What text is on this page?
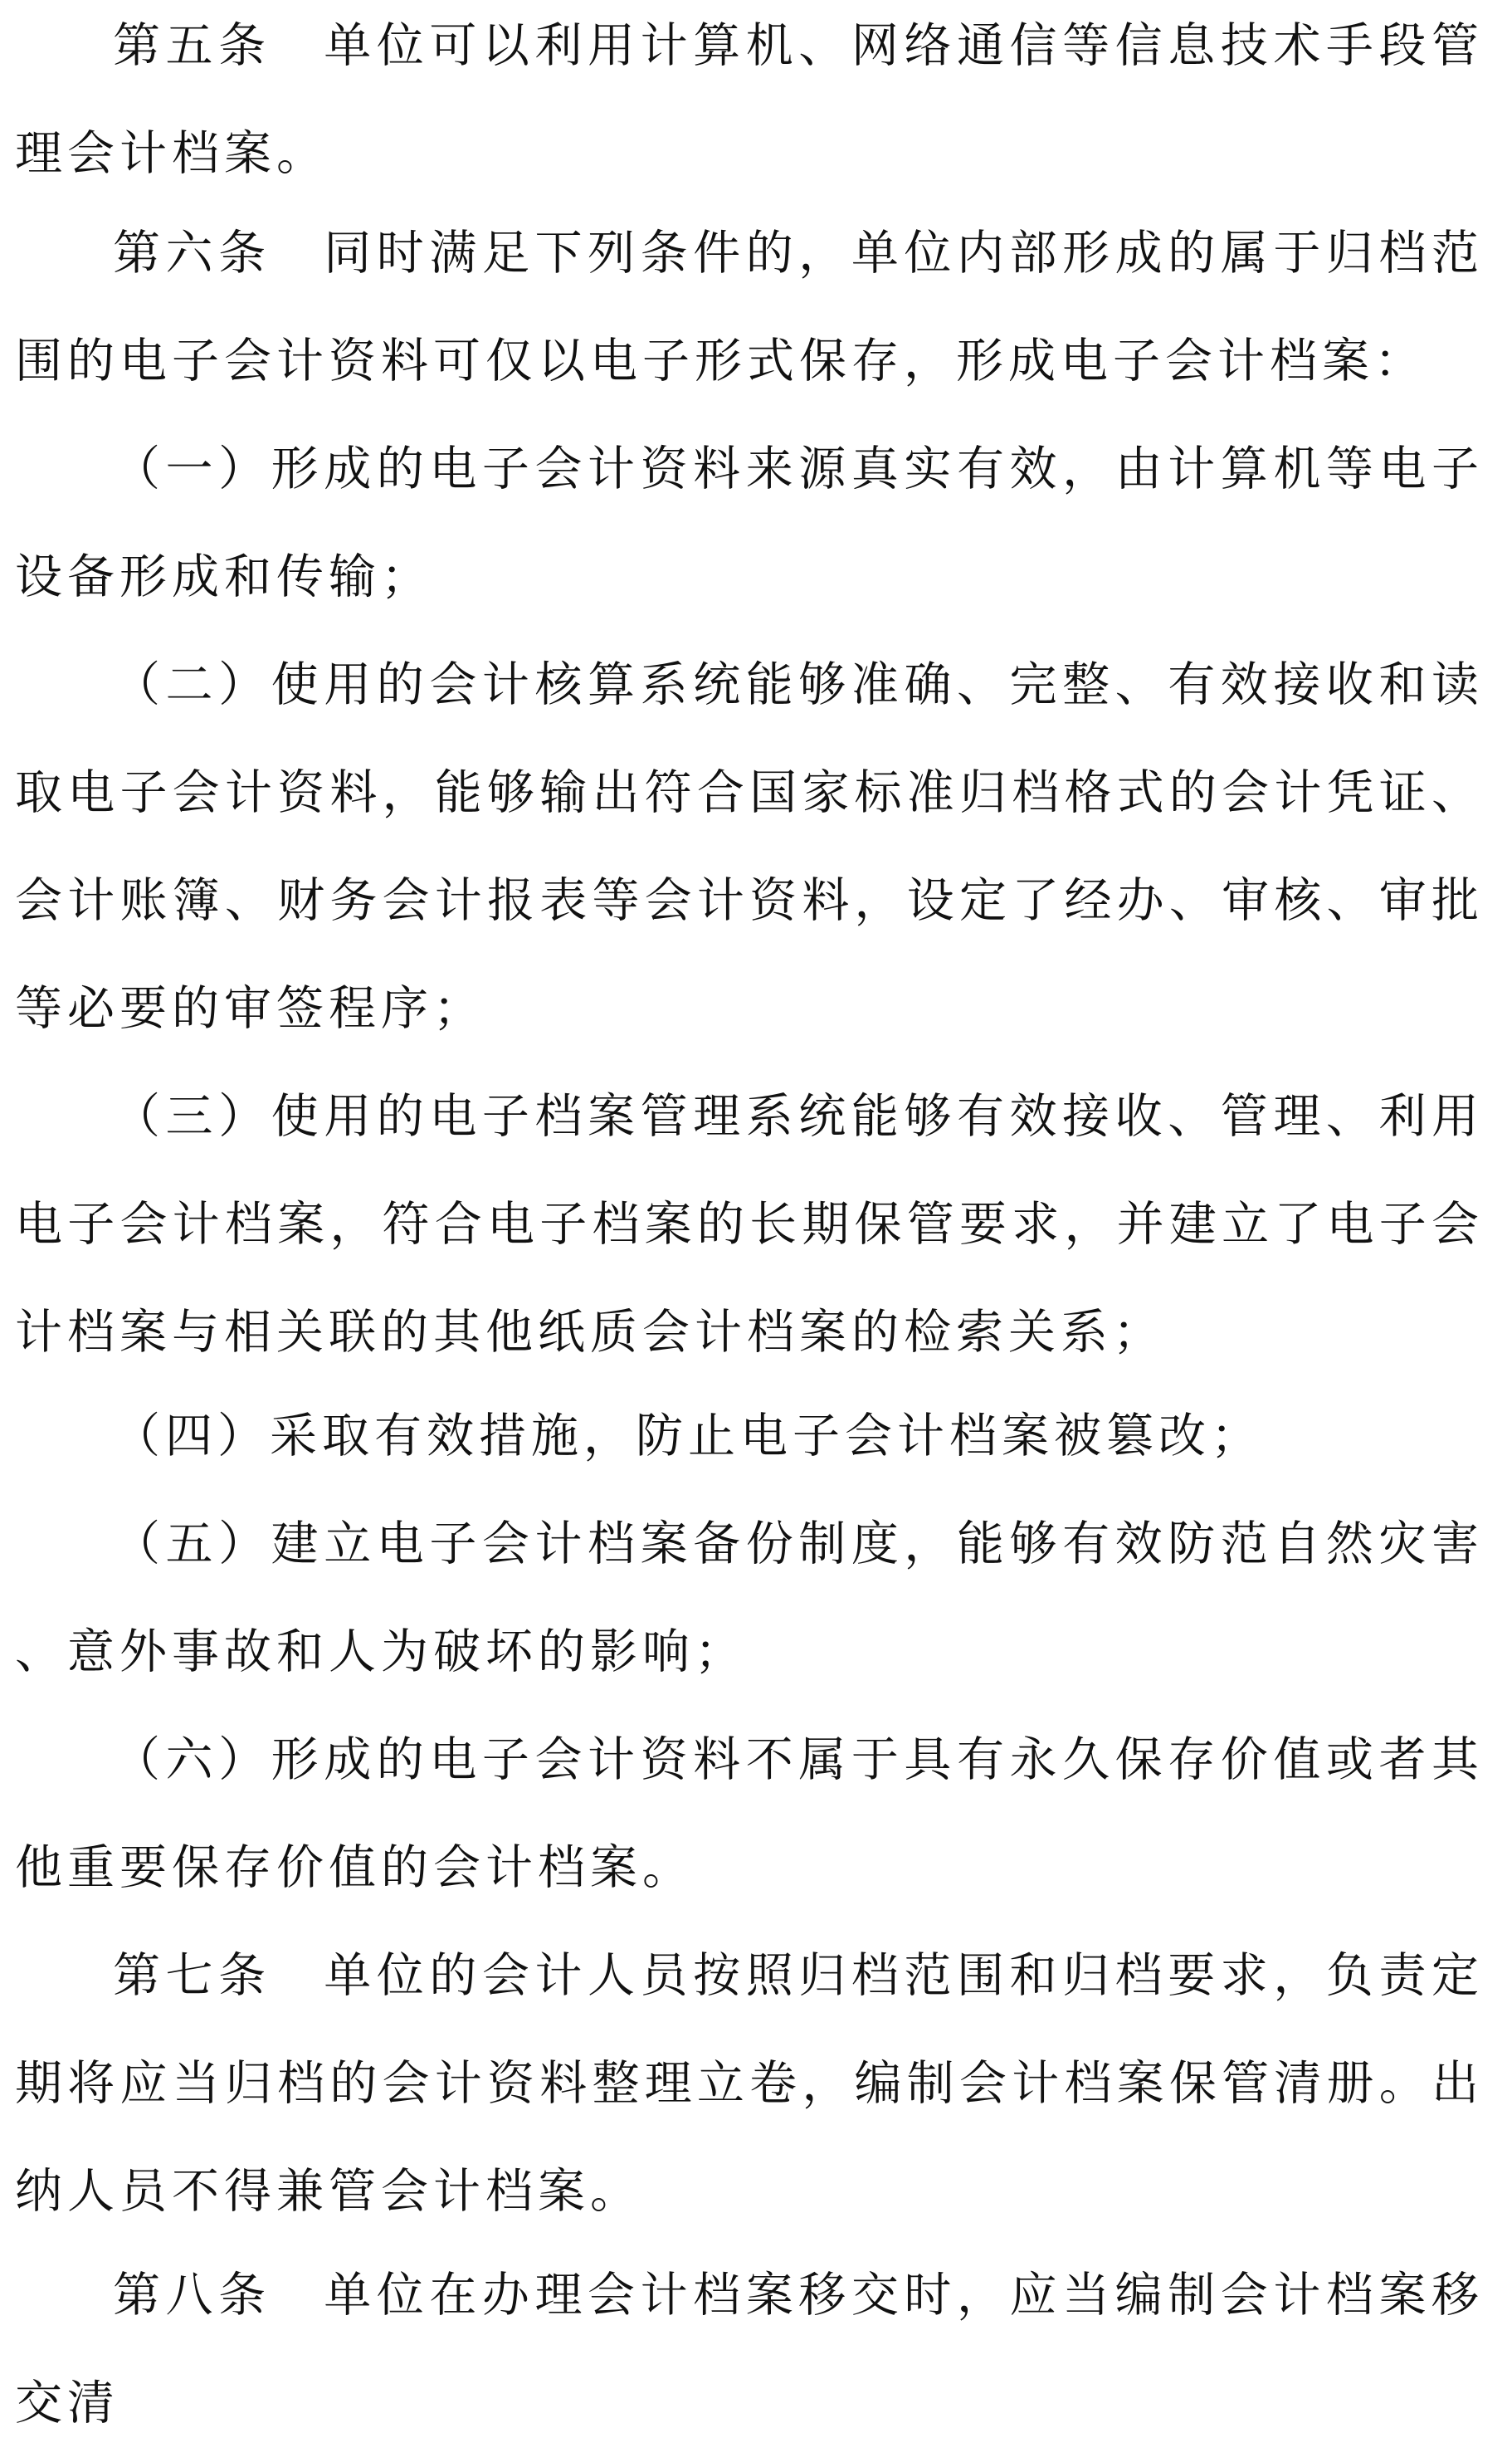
第五条　单位可以利用计算机、网络通信等信息技术手段管理会计档案。

第六条　同时满足下列条件的，单位内部形成的属于归档范围的电子会计资料可仅以电子形式保存，形成电子会计档案：

（一）形成的电子会计资料来源真实有效，由计算机等电子设备形成和传输；

（二）使用的会计核算系统能够准确、完整、有效接收和读取电子会计资料，能够输出符合国家标准归档格式的会计凭证、会计账簿、财务会计报表等会计资料，设定了经办、审核、审批等必要的审签程序；

（三）使用的电子档案管理系统能够有效接收、管理、利用电子会计档案，符合电子档案的长期保管要求，并建立了电子会计档案与相关联的其他纸质会计档案的检索关系；

（四）采取有效措施，防止电子会计档案被篡改；

（五）建立电子会计档案备份制度，能够有效防范自然灾害、意外事故和人为破坏的影响；

（六）形成的电子会计资料不属于具有永久保存价值或者其他重要保存价值的会计档案。

第七条　单位的会计人员按照归档范围和归档要求，负责定期将应当归档的会计资料整理立卷，编制会计档案保管清册。出纳人员不得兼管会计档案。

第八条　单位在办理会计档案移交时，应当编制会计档案移交清
